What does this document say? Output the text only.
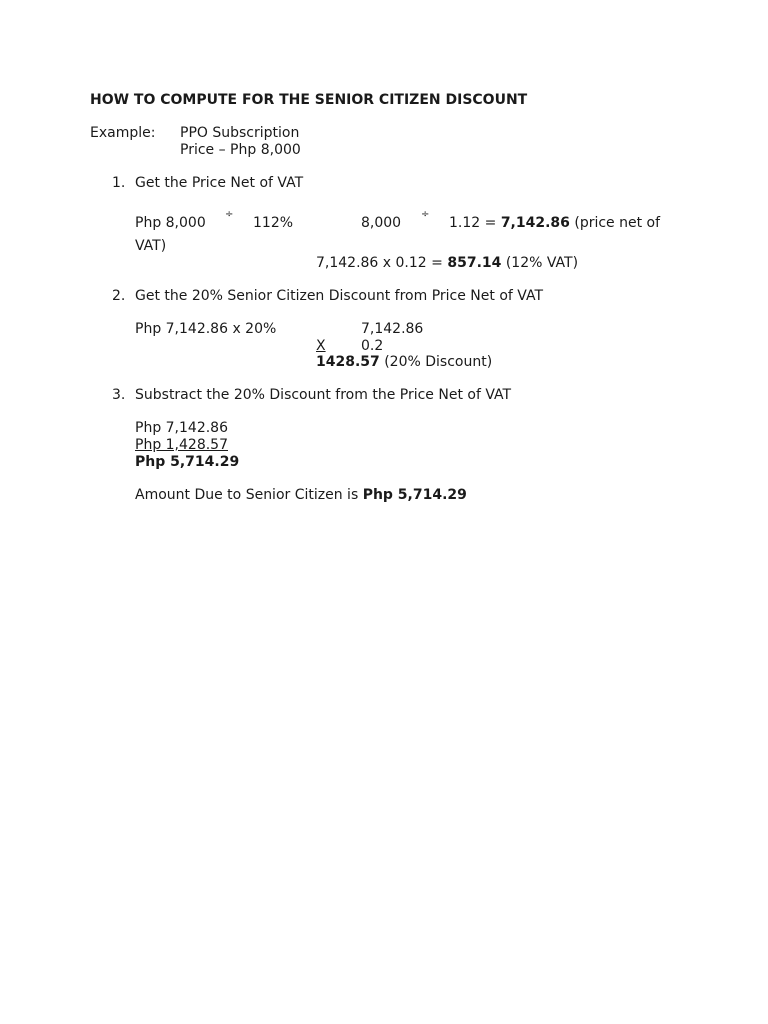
HOW TO COMPUTE FOR THE SENIOR CITIZEN DISCOUNT
Example: PPO Subscription
Price – Php 8,000
1. Get the Price Net of VAT
Php 8,000
÷
112%	8,000
÷
1.12 = 7,142.86 (price net of
VAT)
7,142.86 x 0.12 = 857.14 (12% VAT)
2. Get the 20% Senior Citizen Discount from Price Net of VAT
Php 7,142.86 x 20%	7,142.86
X	0.2
1428.57 (20% Discount)
3. Substract the 20% Discount from the Price Net of VAT
Php 7,142.86
Php 1,428.57
Php 5,714.29
Amount Due to Senior Citizen is Php 5,714.29
